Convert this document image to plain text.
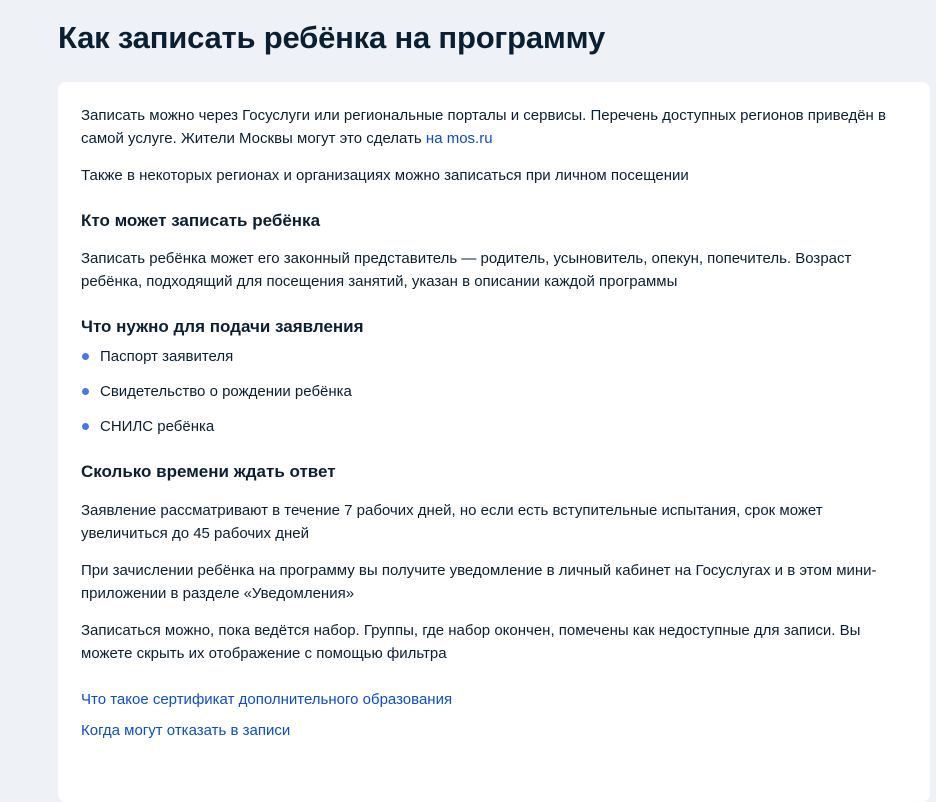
Как записать ребёнка на программу

Записать можно через Госуслуги или региональные порталы и сервисы. Перечень доступных регионов приведён в самой услуге. Жители Москвы могут это сделать на mos.ru

Также в некоторых регионах и организациях можно записаться при личном посещении

Кто может записать ребёнка

Записать ребёнка может его законный представитель — родитель, усыновитель, опекун, попечитель. Возраст ребёнка, подходящий для посещения занятий, указан в описании каждой программы

Что нужно для подачи заявления
Паспорт заявителя
Свидетельство о рождении ребёнка
СНИЛС ребёнка
Сколько времени ждать ответ

Заявление рассматривают в течение 7 рабочих дней, но если есть вступительные испытания, срок может увеличиться до 45 рабочих дней

При зачислении ребёнка на программу вы получите уведомление в личный кабинет на Госуслугах и в этом мини-приложении в разделе «Уведомления»

Записаться можно, пока ведётся набор. Группы, где набор окончен, помечены как недоступные для записи. Вы можете скрыть их отображение с помощью фильтра

Что такое сертификат дополнительного образования
Когда могут отказать в записи
